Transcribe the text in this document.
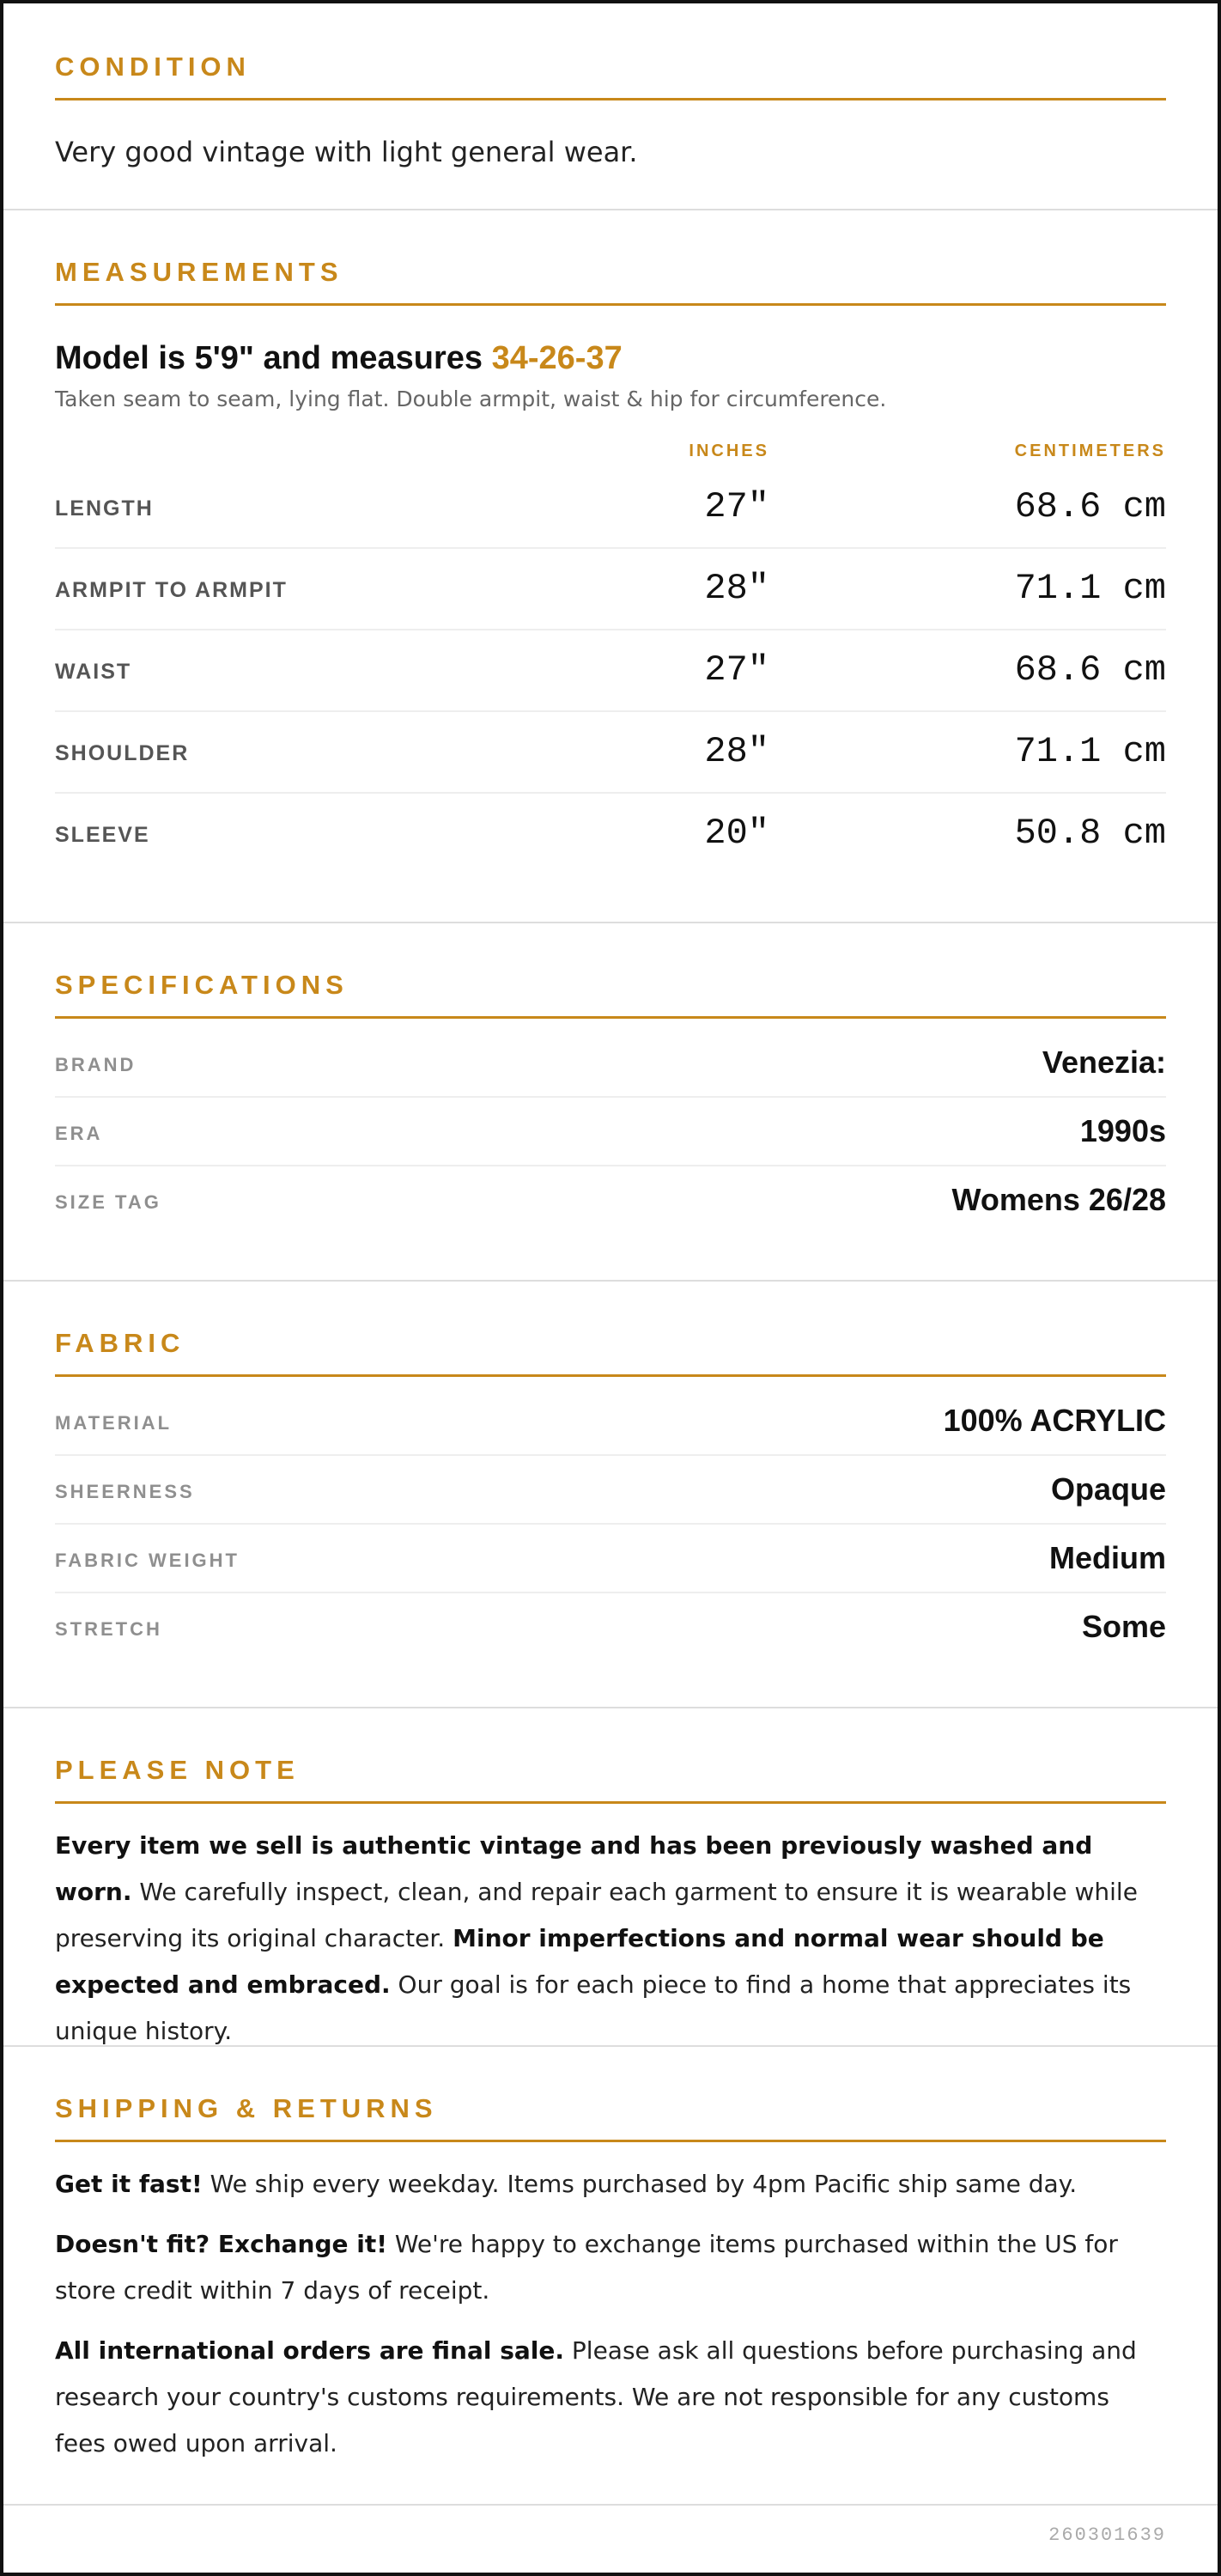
CONDITION
Very good vintage with light general wear.
MEASUREMENTS
Model is 5'9" and measures 34-26-37
Taken seam to seam, lying flat. Double armpit, waist & hip for circumference.
INCHES	CENTIMETERS
LENGTH	27"	68.6 cm
ARMPIT TO ARMPIT	28"	71.1 cm
WAIST	27"	68.6 cm
SHOULDER	28"	71.1 cm
SLEEVE	20"	50.8 cm
SPECIFICATIONS
BRAND	Venezia:
ERA	1990s
SIZE TAG	Womens 26/28
FABRIC
MATERIAL	100% ACRYLIC
SHEERNESS	Opaque
FABRIC WEIGHT	Medium
STRETCH	Some
PLEASE NOTE

Every item we sell is authentic vintage and has been previously washed and worn. We carefully inspect, clean, and repair each garment to ensure it is wearable while preserving its original character. Minor imperfections and normal wear should be expected and embraced. Our goal is for each piece to find a home that appreciates its unique history.

SHIPPING & RETURNS

Get it fast! We ship every weekday. Items purchased by 4pm Pacific ship same day.

Doesn't fit? Exchange it! We're happy to exchange items purchased within the US for store credit within 7 days of receipt.

All international orders are final sale. Please ask all questions before purchasing and research your country's customs requirements. We are not responsible for any customs fees owed upon arrival.

260301639
